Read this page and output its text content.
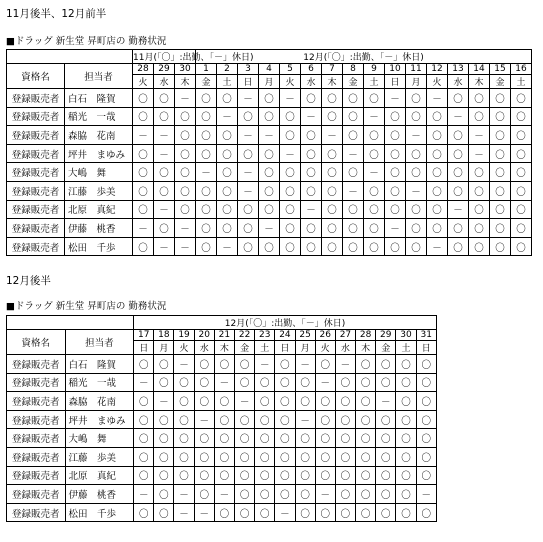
11月後半、12月前半
■ドラッグ 新生堂 昇町店の 勤務状況
		11月(「〇」:出勤、「－」休日)			12月(「〇」:出勤、「－」休日)															
資格名	担当者	28	29	30	1	2	3	4	5	6	7	8	9	10	11	12	13	14	15	16
		火	水	木	金	土	日	月	火	水	木	金	土	日	月	火	水	木	金	土
登録販売者	白石　隆賀	〇	〇	－	〇	〇	－	〇	－	〇	〇	〇	〇	－	〇	－	〇	〇	〇	〇
登録販売者	稲光　一哉	〇	〇	〇	〇	－	〇	〇	〇	－	〇	〇	－	〇	〇	〇	－	〇	〇	〇
登録販売者	森脇　花南	－	－	〇	〇	〇	－	－	〇	〇	－	〇	〇	〇	－	〇	〇	－	〇	〇
登録販売者	坪井　まゆみ	〇	－	〇	〇	〇	〇	〇	－	〇	〇	－	〇	〇	〇	〇	〇	－	〇	〇
登録販売者	大嶋　舞	〇	〇	〇	－	〇	－	〇	〇	〇	〇	〇	－	〇	〇	〇	〇	〇	〇	〇
登録販売者	江藤　歩美	〇	〇	〇	〇	〇	－	〇	〇	〇	〇	－	〇	〇	－	〇	〇	〇	〇	〇
登録販売者	北原　真紀	〇	－	〇	〇	〇	〇	〇	〇	－	〇	〇	〇	〇	〇	〇	－	〇	〇	〇
登録販売者	伊藤　桃香	－	〇	－	〇	〇	〇	－	〇	〇	〇	〇	〇	－	〇	〇	〇	〇	〇	〇
登録販売者	松田　千歩	〇	－	－	〇	－	〇	〇	〇	〇	〇	〇	〇	〇	〇	－	〇	〇	〇	〇
12月後半
■ドラッグ 新生堂 昇町店の 勤務状況
		12月(「〇」:出勤、「－」休日)														
資格名	担当者	17	18	19	20	21	22	23	24	25	26	27	28	29	30	31
		日	月	火	水	木	金	土	日	月	火	水	木	金	土	日
登録販売者	白石　隆賀	〇	〇	－	〇	〇	〇	－	〇	－	〇	－	〇	〇	〇	〇
登録販売者	稲光　一哉	－	〇	〇	〇	－	〇	〇	〇	〇	－	〇	〇	〇	〇	〇
登録販売者	森脇　花南	〇	－	〇	〇	〇	－	〇	〇	〇	〇	〇	〇	－	〇	〇
登録販売者	坪井　まゆみ	〇	〇	〇	－	〇	〇	〇	〇	－	〇	〇	〇	〇	〇	〇
登録販売者	大嶋　舞	〇	〇	〇	〇	〇	〇	〇	〇	〇	〇	〇	〇	〇	〇	〇
登録販売者	江藤　歩美	〇	〇	〇	〇	〇	〇	〇	〇	〇	〇	〇	〇	〇	〇	〇
登録販売者	北原　真紀	〇	〇	〇	〇	〇	〇	〇	〇	〇	〇	〇	〇	〇	〇	〇
登録販売者	伊藤　桃香	－	〇	－	〇	－	〇	〇	〇	〇	－	〇	〇	〇	〇	－
登録販売者	松田　千歩	〇	〇	－	－	〇	〇	〇	－	〇	〇	〇	〇	〇	〇	〇
